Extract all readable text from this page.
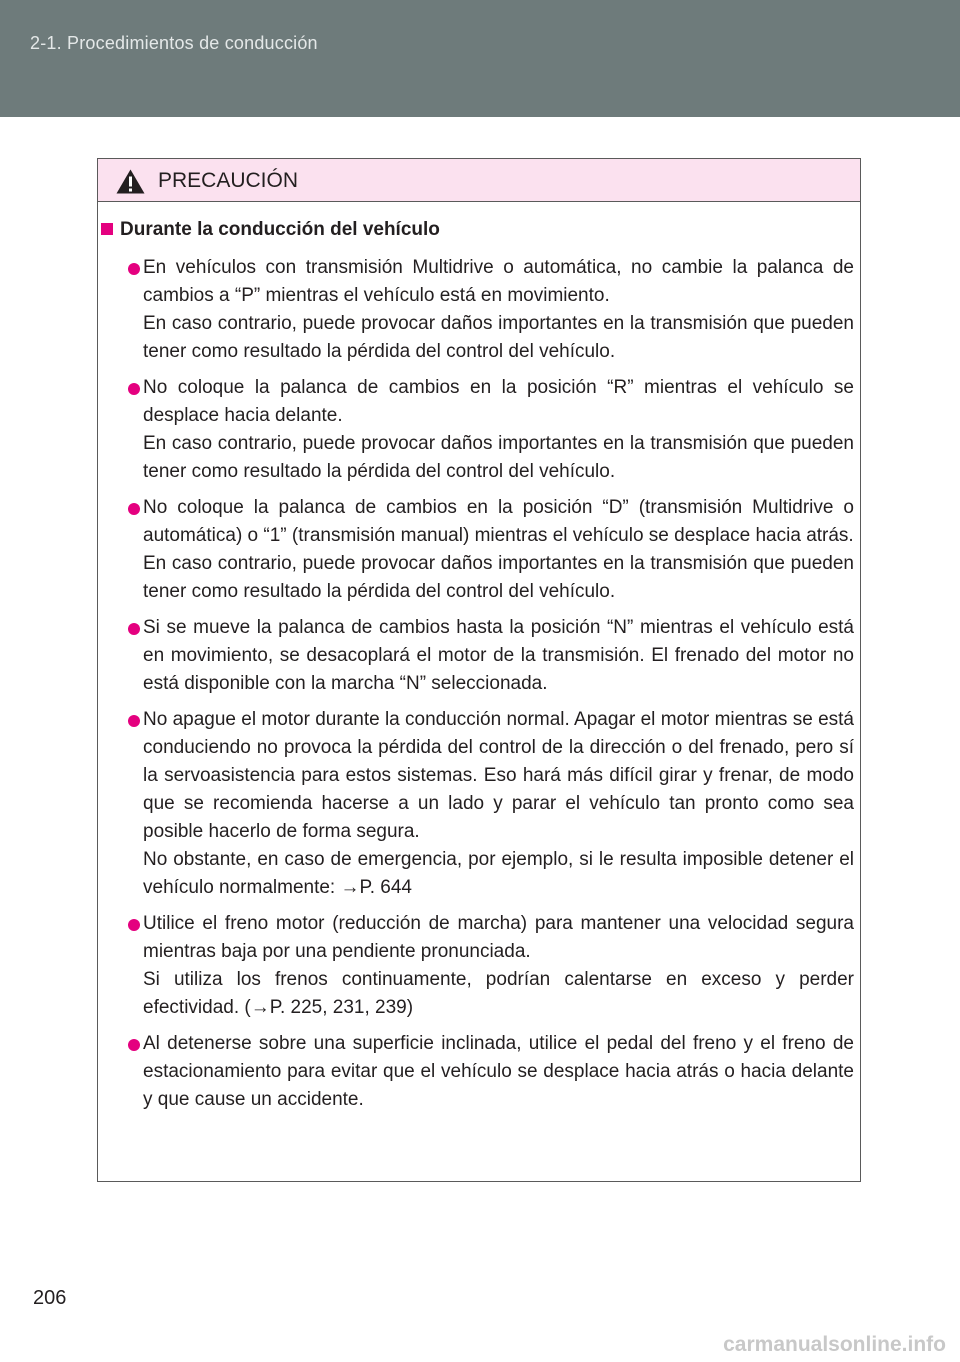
2-1. Procedimientos de conducción
PRECAUCIÓN
Durante la conducción del vehículo

En vehículos con transmisión Multidrive o automática, no cambie la palanca de cambios a “P” mientras el vehículo está en movimiento.

En caso contrario, puede provocar daños importantes en la transmisión que pueden tener como resultado la pérdida del control del vehículo.

No coloque la palanca de cambios en la posición “R” mientras el vehículo se desplace hacia delante.

En caso contrario, puede provocar daños importantes en la transmisión que pueden tener como resultado la pérdida del control del vehículo.

No coloque la palanca de cambios en la posición “D” (transmisión Multidrive o automática) o “1” (transmisión manual) mientras el vehículo se desplace hacia atrás.

En caso contrario, puede provocar daños importantes en la transmisión que pueden tener como resultado la pérdida del control del vehículo.

Si se mueve la palanca de cambios hasta la posición “N” mientras el vehículo está en movimiento, se desacoplará el motor de la transmisión. El frenado del motor no está disponible con la marcha “N” seleccionada.

No apague el motor durante la conducción normal. Apagar el motor mientras se está conduciendo no provoca la pérdida del control de la dirección o del frenado, pero sí la servoasistencia para estos sistemas. Eso hará más difícil girar y frenar, de modo que se recomienda hacerse a un lado y parar el vehículo tan pronto como sea posible hacerlo de forma segura.

No obstante, en caso de emergencia, por ejemplo, si le resulta imposible detener el vehículo normalmente: →P. 644

Utilice el freno motor (reducción de marcha) para mantener una velocidad segura mientras baja por una pendiente pronunciada.

Si utiliza los frenos continuamente, podrían calentarse en exceso y perder efectividad. (→P. 225, 231, 239)

Al detenerse sobre una superficie inclinada, utilice el pedal del freno y el freno de estacionamiento para evitar que el vehículo se desplace hacia atrás o hacia delante y que cause un accidente.

206
carmanualsonline.info
